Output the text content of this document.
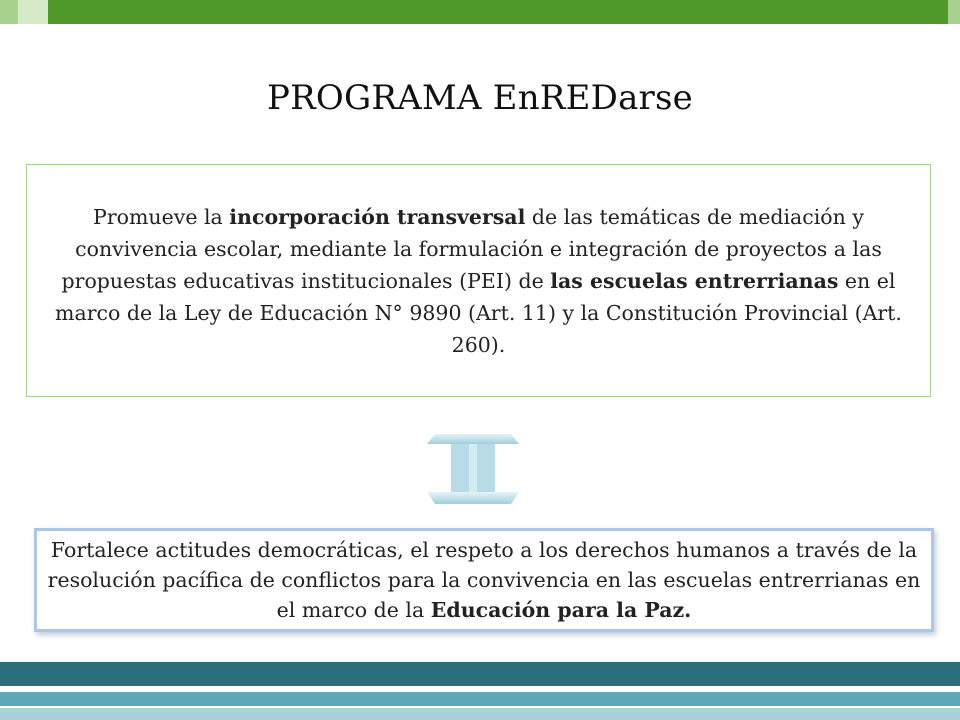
PROGRAMA EnREDarse

Promueve la incorporación transversal de las temáticas de mediación y convivencia escolar, mediante la formulación e integración de proyectos a las propuestas educativas institucionales (PEI) de las escuelas entrerrianas en el marco de la Ley de Educación N° 9890 (Art. 11) y la Constitución Provincial (Art. 260).

Fortalece actitudes democráticas, el respeto a los derechos humanos a través de la resolución pacífica de conflictos para la convivencia en las escuelas entrerrianas en el marco de la Educación para la Paz.
